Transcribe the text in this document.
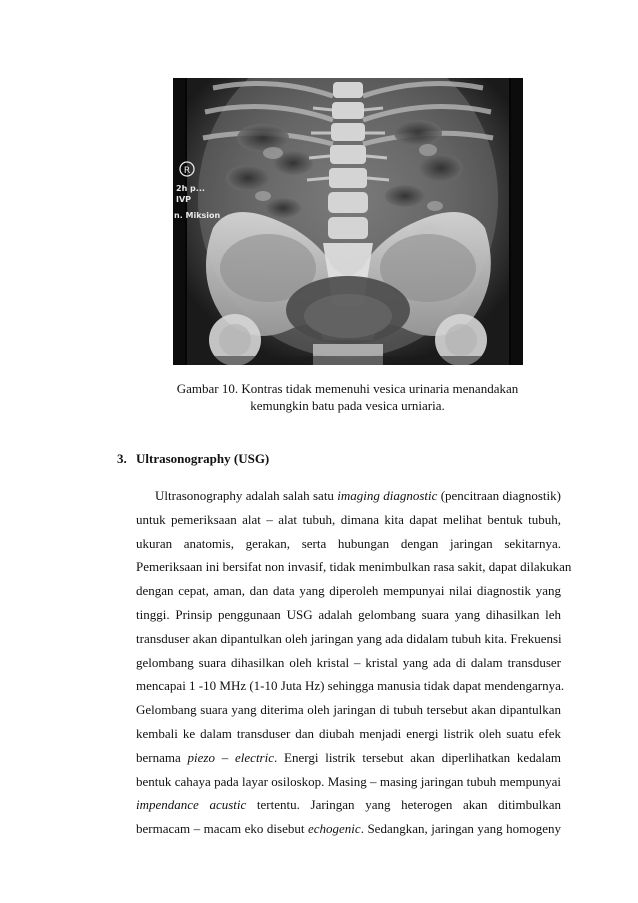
R
2h p...
IVP
n. Miksion
Gambar 10. Kontras tidak memenuhi vesica urinaria menandakan
kemungkin batu pada vesica urniaria.
3. Ultrasonography (USG)
Ultrasonography adalah salah satu imaging diagnostic (pencitraan diagnostik)
untuk pemeriksaan alat – alat tubuh, dimana kita dapat melihat bentuk tubuh,
ukuran anatomis, gerakan, serta hubungan dengan jaringan sekitarnya.
Pemeriksaan ini bersifat non invasif, tidak menimbulkan rasa sakit, dapat dilakukan
dengan cepat, aman, dan data yang diperoleh mempunyai nilai diagnostik yang
tinggi. Prinsip penggunaan USG adalah gelombang suara yang dihasilkan leh
transduser akan dipantulkan oleh jaringan yang ada didalam tubuh kita. Frekuensi
gelombang suara dihasilkan oleh kristal – kristal yang ada di dalam transduser
mencapai 1 -10 MHz (1-10 Juta Hz) sehingga manusia tidak dapat mendengarnya.
Gelombang suara yang diterima oleh jaringan di tubuh tersebut akan dipantulkan
kembali ke dalam transduser dan diubah menjadi energi listrik oleh suatu efek
bernama piezo – electric. Energi listrik tersebut akan diperlihatkan kedalam
bentuk cahaya pada layar osiloskop. Masing – masing jaringan tubuh mempunyai
impendance acustic tertentu. Jaringan yang heterogen akan ditimbulkan
bermacam – macam eko disebut echogenic. Sedangkan, jaringan yang homogeny
